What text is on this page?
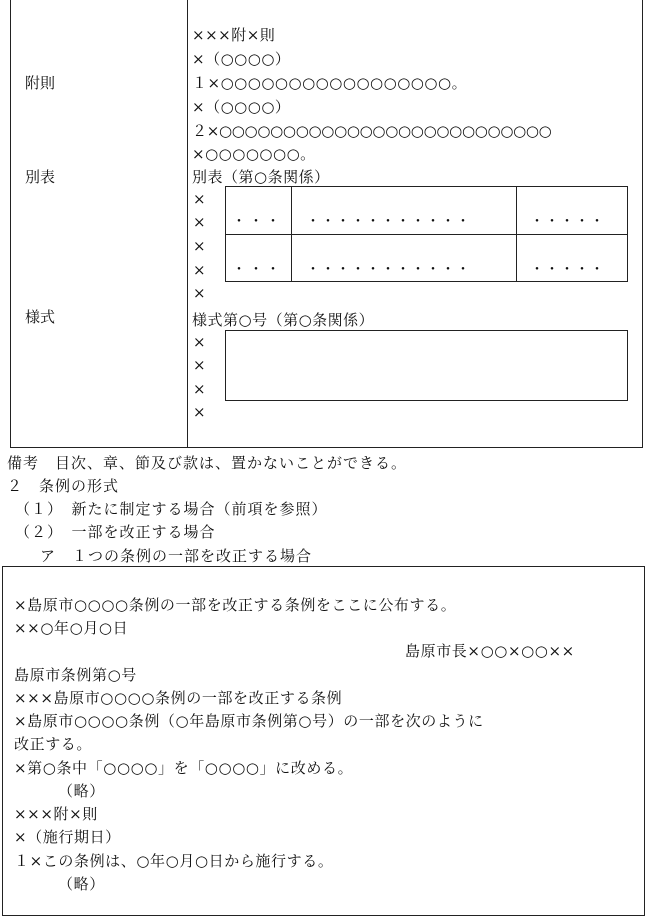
附則
別表
様式
×××附×則
×（○○○○）
１×○○○○○○○○○○○○○○○○○。
×（○○○○）
２×○○○○○○○○○○○○○○○○○○○○○○○○○○
×○○○○○○○。
別表（第○条関係）
×
×
×
×
×
・・・ ・・・・・・・・・・・	・・・・・
・・・ ・・・・・・・・・・・	・・・・・
様式第○号（第○条関係）
×
×
×
×
備考　目次、章、節及び款は、置かないことができる。
２　条例の形式
（１）　新たに制定する場合（前項を参照）
（２）　一部を改正する場合
ア　１つの条例の一部を改正する場合
×島原市○○○○条例の一部を改正する条例をここに公布する。
××○年○月○日
島原市長×○○×○○××
島原市条例第○号
×××島原市○○○○条例の一部を改正する条例
×島原市○○○○条例（○年島原市条例第○号）の一部を次のように
改正する。
×第○条中「○○○○」を「○○○○」に改める。
（略）
×××附×則
×（施行期日）
１×この条例は、○年○月○日から施行する。
（略）
